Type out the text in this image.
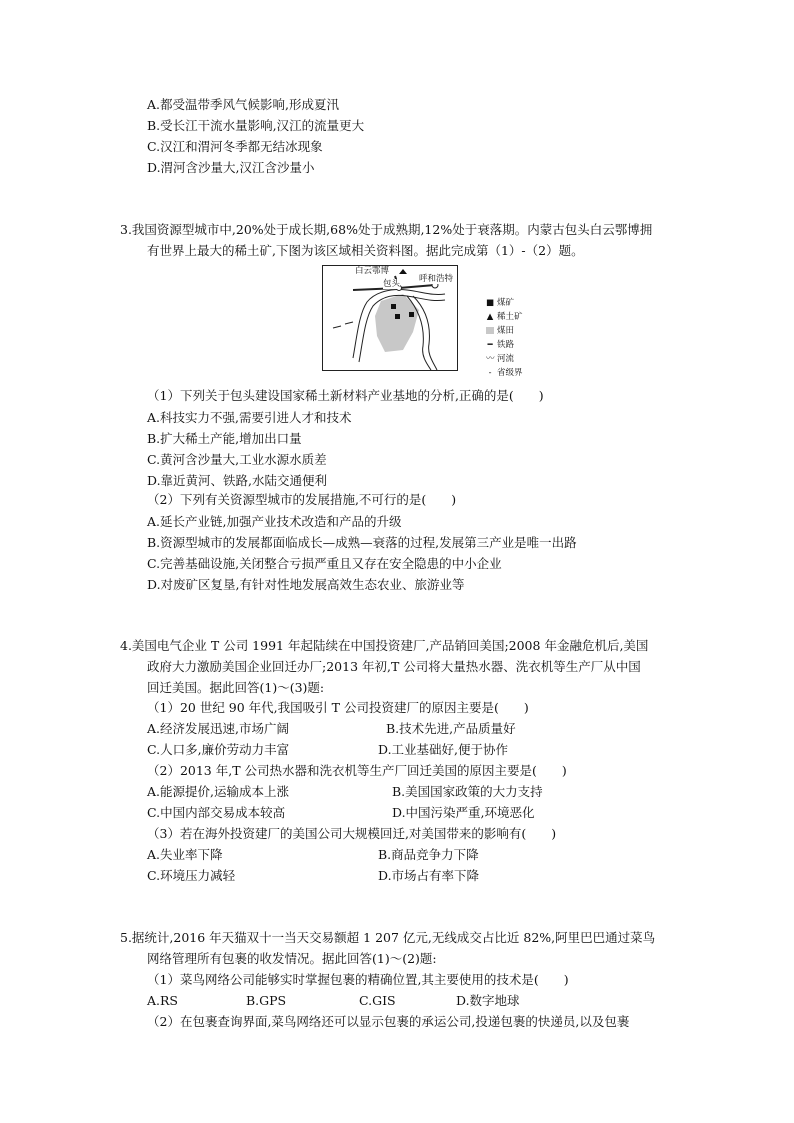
A.都受温带季风气候影响,形成夏汛
B.受长江干流水量影响,汉江的流量更大
C.汉江和渭河冬季都无结冰现象
D.渭河含沙量大,汉江含沙量小
3.我国资源型城市中,20%处于成长期,68%处于成熟期,12%处于衰落期。内蒙古包头白云鄂博拥
有世界上最大的稀土矿,下图为该区域相关资料图。据此完成第（1）-（2）题。
白云鄂博
呼和浩特
包头
■ 煤矿
▲ 稀土矿
煤田
━ 铁路
〰 河流
‐ 省级界
（1）下列关于包头建设国家稀土新材料产业基地的分析,正确的是(　　)
A.科技实力不强,需要引进人才和技术
B.扩大稀土产能,增加出口量
C.黄河含沙量大,工业水源水质差
D.靠近黄河、铁路,水陆交通便利
（2）下列有关资源型城市的发展措施,不可行的是(　　)
A.延长产业链,加强产业技术改造和产品的升级
B.资源型城市的发展都面临成长—成熟—衰落的过程,发展第三产业是唯一出路
C.完善基础设施,关闭整合亏损严重且又存在安全隐患的中小企业
D.对废矿区复垦,有针对性地发展高效生态农业、旅游业等
4.美国电气企业 T 公司 1991 年起陆续在中国投资建厂,产品销回美国;2008 年金融危机后,美国
政府大力激励美国企业回迁办厂;2013 年初,T 公司将大量热水器、洗衣机等生产厂从中国
回迁美国。据此回答(1)～(3)题:
（1）20 世纪 90 年代,我国吸引 T 公司投资建厂的原因主要是(　　)
A.经济发展迅速,市场广阔	B.技术先进,产品质量好
C.人口多,廉价劳动力丰富	D.工业基础好,便于协作
（2）2013 年,T 公司热水器和洗衣机等生产厂回迁美国的原因主要是(　　)
A.能源提价,运输成本上涨	B.美国国家政策的大力支持
C.中国内部交易成本较高	D.中国污染严重,环境恶化
（3）若在海外投资建厂的美国公司大规模回迁,对美国带来的影响有(　　)
A.失业率下降	B.商品竞争力下降
C.环境压力减轻	D.市场占有率下降
5.据统计,2016 年天猫双十一当天交易额超 1 207 亿元,无线成交占比近 82%,阿里巴巴通过菜鸟
网络管理所有包裹的收发情况。据此回答(1)～(2)题:
（1）菜鸟网络公司能够实时掌握包裹的精确位置,其主要使用的技术是(　　)
A.RS	B.GPS	C.GIS	D.数字地球
（2）在包裹查询界面,菜鸟网络还可以显示包裹的承运公司,投递包裹的快递员,以及包裹
